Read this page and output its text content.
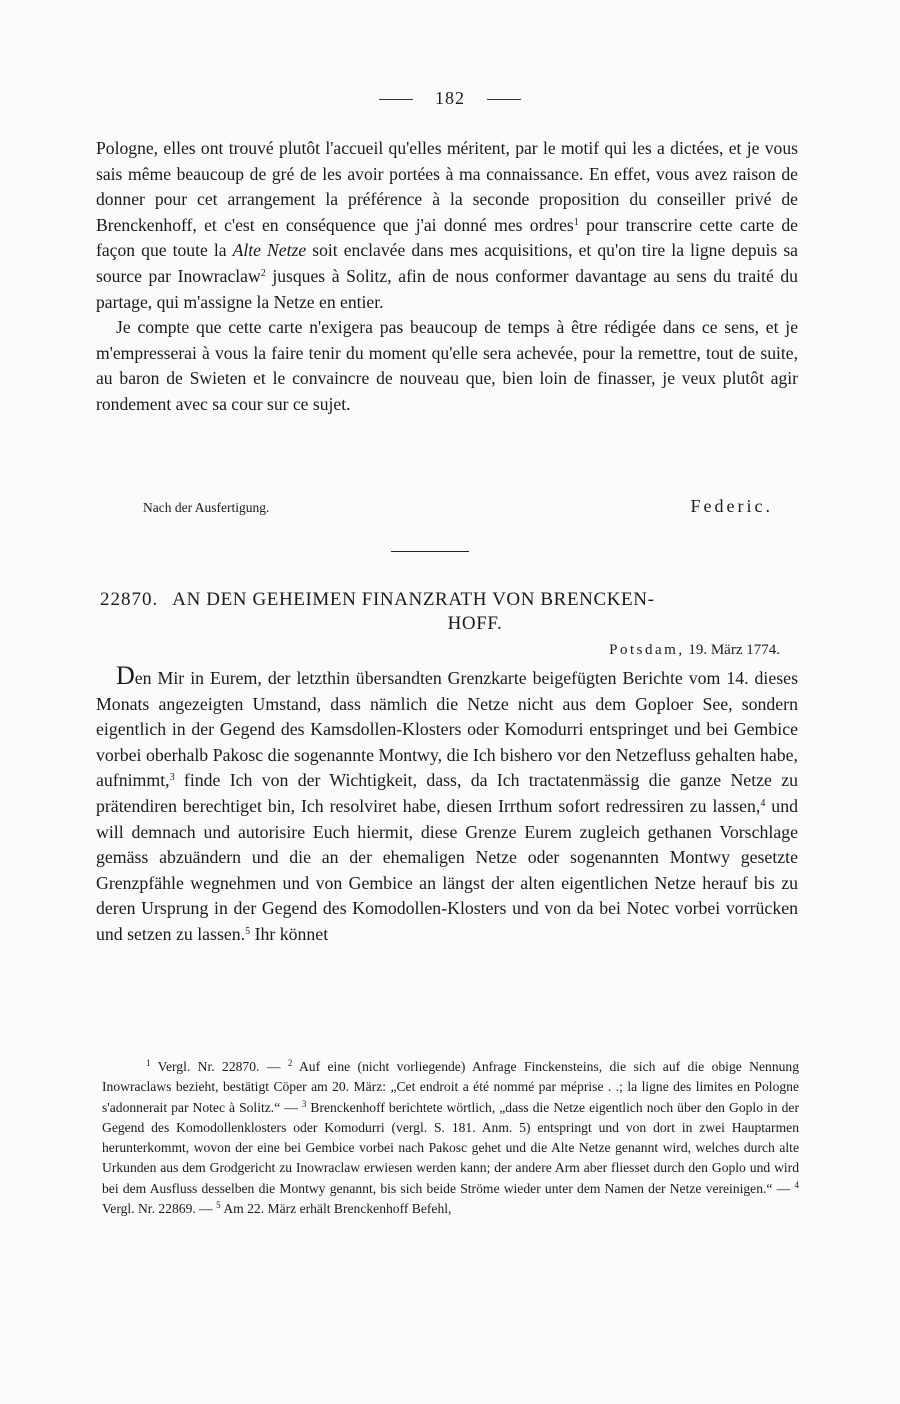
182

Pologne, elles ont trouvé plutôt l'accueil qu'elles méritent, par le motif qui les a dictées, et je vous sais même beaucoup de gré de les avoir portées à ma connaissance. En effet, vous avez raison de donner pour cet arrangement la préférence à la seconde proposition du conseiller privé de Brenckenhoff, et c'est en conséquence que j'ai donné mes ordres$^1$ pour transcrire cette carte de façon que toute la Alte Netze soit enclavée dans mes acquisitions, et qu'on tire la ligne depuis sa source par Inowraclaw$^2$ jusques à Solitz, afin de nous conformer davantage au sens du traité du partage, qui m'assigne la Netze en entier.

Je compte que cette carte n'exigera pas beaucoup de temps à être rédigée dans ce sens, et je m'empresserai à vous la faire tenir du moment qu'elle sera achevée, pour la remettre, tout de suite, au baron de Swieten et le convaincre de nouveau que, bien loin de finasser, je veux plutôt agir rondement avec sa cour sur ce sujet.

Nach der Ausfertigung.	Federic.
22870. AN DEN GEHEIMEN FINANZRATH VON BRENCKEN-
HOFF.
Potsdam, 19. März 1774.

Den Mir in Eurem, der letzthin übersandten Grenzkarte beigefügten Berichte vom 14. dieses Monats angezeigten Umstand, dass nämlich die Netze nicht aus dem Goploer See, sondern eigentlich in der Gegend des Kamsdollen-Klosters oder Komodurri entspringet und bei Gembice vorbei oberhalb Pakosc die sogenannte Montwy, die Ich bishero vor den Netzefluss gehalten habe, aufnimmt,$^3$ finde Ich von der Wichtigkeit, dass, da Ich tractatenmässig die ganze Netze zu prätendiren berechtiget bin, Ich resolviret habe, diesen Irrthum sofort redressiren zu lassen,$^4$ und will demnach und autorisire Euch hiermit, diese Grenze Eurem zugleich gethanen Vorschlage gemäss abzuändern und die an der ehemaligen Netze oder sogenannten Montwy gesetzte Grenzpfähle wegnehmen und von Gembice an längst der alten eigentlichen Netze herauf bis zu deren Ursprung in der Gegend des Komodollen-Klosters und von da bei Notec vorbei vorrücken und setzen zu lassen.$^5$ Ihr könnet

$^1$ Vergl. Nr. 22870. — $^2$ Auf eine (nicht vorliegende) Anfrage Finckensteins, die sich auf die obige Nennung Inowraclaws bezieht, bestätigt Cöper am 20. März: „Cet endroit a été nommé par méprise . .; la ligne des limites en Pologne s'adonnerait par Notec à Solitz.“ — $^3$ Brenckenhoff berichtete wörtlich, „dass die Netze eigentlich noch über den Goplo in der Gegend des Komodollenklosters oder Komodurri (vergl. S. 181. Anm. 5) entspringt und von dort in zwei Hauptarmen herunterkommt, wovon der eine bei Gembice vorbei nach Pakosc gehet und die Alte Netze genannt wird, welches durch alte Urkunden aus dem Grodgericht zu Inowraclaw erwiesen werden kann; der andere Arm aber fliesset durch den Goplo und wird bei dem Ausfluss desselben die Montwy genannt, bis sich beide Ströme wieder unter dem Namen der Netze vereinigen.“ — $^4$ Vergl. Nr. 22869. — $^5$ Am 22. März erhält Brenckenhoff Befehl,
